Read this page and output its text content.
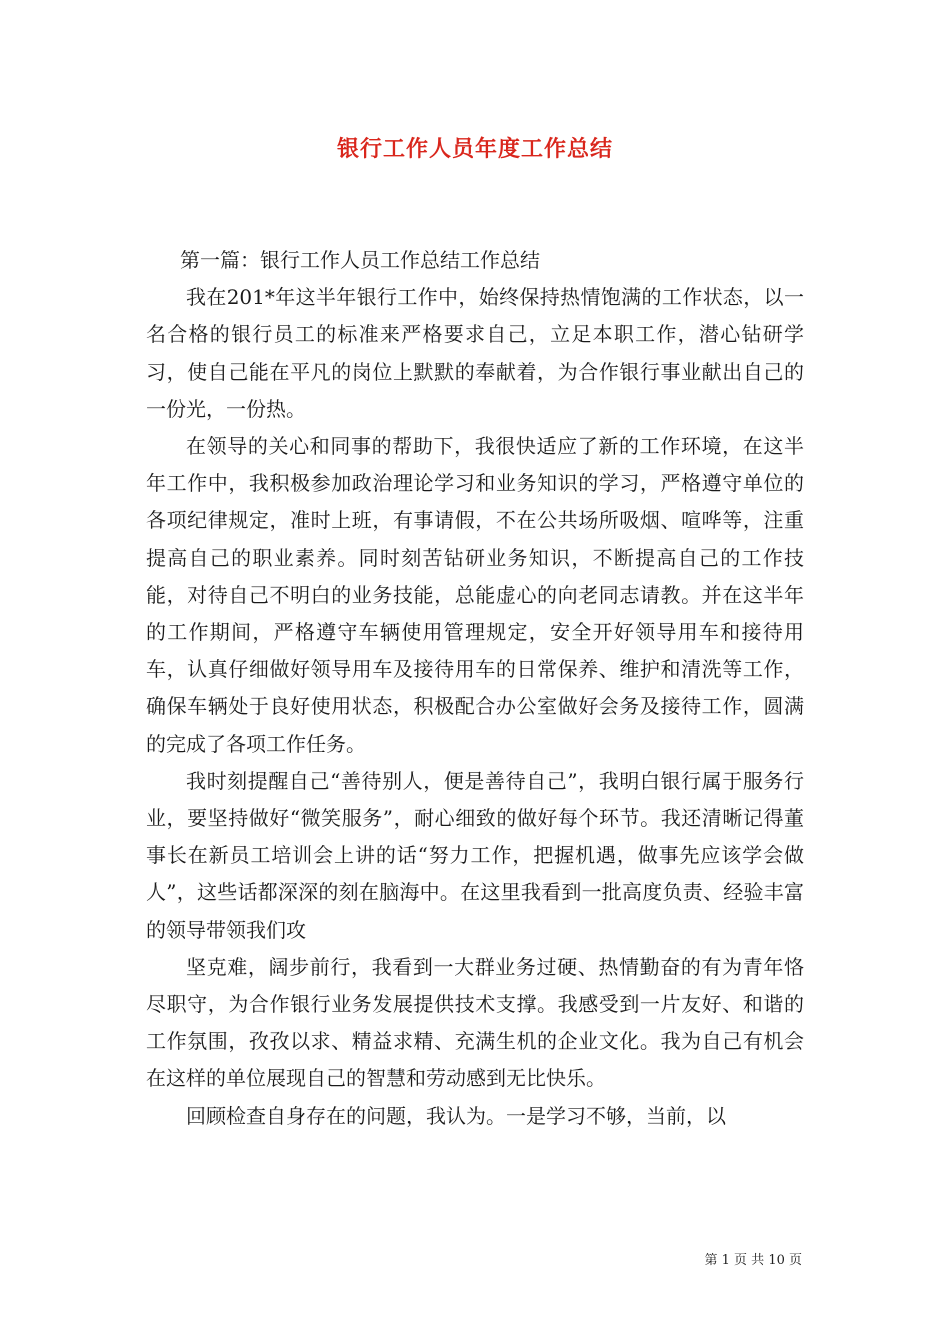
银行工作人员年度工作总结

第一篇：银行工作人员工作总结工作总结

我在201*年这半年银行工作中，始终保持热情饱满的工作状态，以一名合格的银行员工的标准来严格要求自己，立足本职工作，潜心钻研学习，使自己能在平凡的岗位上默默的奉献着，为合作银行事业献出自己的一份光，一份热。

在领导的关心和同事的帮助下，我很快适应了新的工作环境，在这半年工作中，我积极参加政治理论学习和业务知识的学习，严格遵守单位的各项纪律规定，准时上班，有事请假，不在公共场所吸烟、喧哗等，注重提高自己的职业素养。同时刻苦钻研业务知识，不断提高自己的工作技能，对待自己不明白的业务技能，总能虚心的向老同志请教。并在这半年的工作期间，严格遵守车辆使用管理规定，安全开好领导用车和接待用车，认真仔细做好领导用车及接待用车的日常保养、维护和清洗等工作，确保车辆处于良好使用状态，积极配合办公室做好会务及接待工作，圆满的完成了各项工作任务。

我时刻提醒自己“善待别人，便是善待自己”，我明白银行属于服务行业，要坚持做好“微笑服务”，耐心细致的做好每个环节。我还清晰记得董事长在新员工培训会上讲的话“努力工作，把握机遇，做事先应该学会做人”，这些话都深深的刻在脑海中。在这里我看到一批高度负责、经验丰富的领导带领我们攻

坚克难，阔步前行，我看到一大群业务过硬、热情勤奋的有为青年恪尽职守，为合作银行业务发展提供技术支撑。我感受到一片友好、和谐的工作氛围，孜孜以求、精益求精、充满生机的企业文化。我为自己有机会在这样的单位展现自己的智慧和劳动感到无比快乐。

回顾检查自身存在的问题，我认为。一是学习不够，当前，以

第 1 页 共 10 页
